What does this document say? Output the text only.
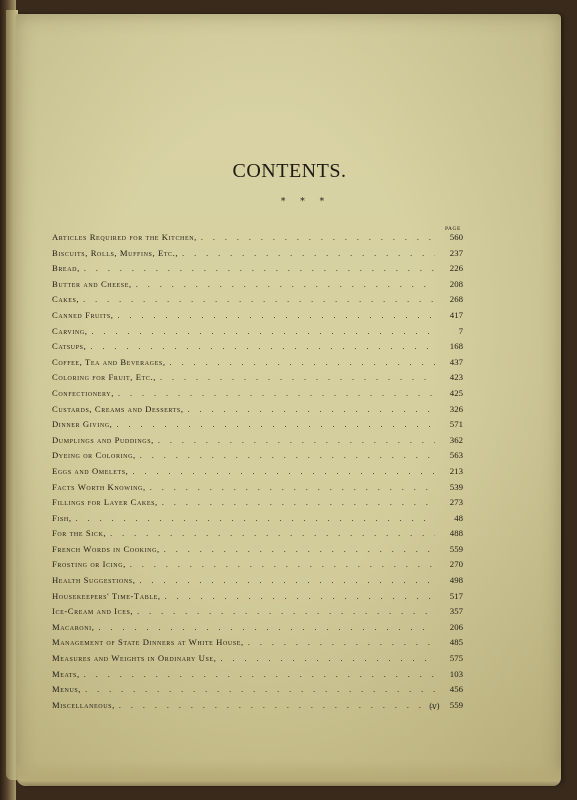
CONTENTS.
* * *
PAGE
Articles Required for the Kitchen, . . .	560
Biscuits, Rolls, Muffins, Etc., . . .	237
Bread, . . .	226
Butter and Cheese, . . .	208
Cakes, . . .	268
Canned Fruits, . . .	417
Carving, . . .	7
Catsups, . . .	168
Coffee, Tea and Beverages, . . .	437
Coloring for Fruit, Etc., . . .	423
Confectionery, . . .	425
Custards, Creams and Desserts, . . .	326
Dinner Giving, . . .	571
Dumplings and Puddings, . . .	362
Dyeing or Coloring, . . .	563
Eggs and Omelets, . . .	213
Facts Worth Knowing, . . .	539
Fillings for Layer Cakes, . . .	273
Fish, . . .	48
For the Sick, . . .	488
French Words in Cooking, . . .	559
Frosting or Icing, . . .	270
Health Suggestions, . . .	498
Housekeepers' Time-Table, . . .	517
Ice-Cream and Ices, . . .	357
Macaroni, . . .	206
Management of State Dinners at White House, . . .	485
Measures and Weights in Ordinary Use, . . .	575
Meats, . . .	103
Menus, . . .	456
Miscellaneous, . . .	559
(v)
